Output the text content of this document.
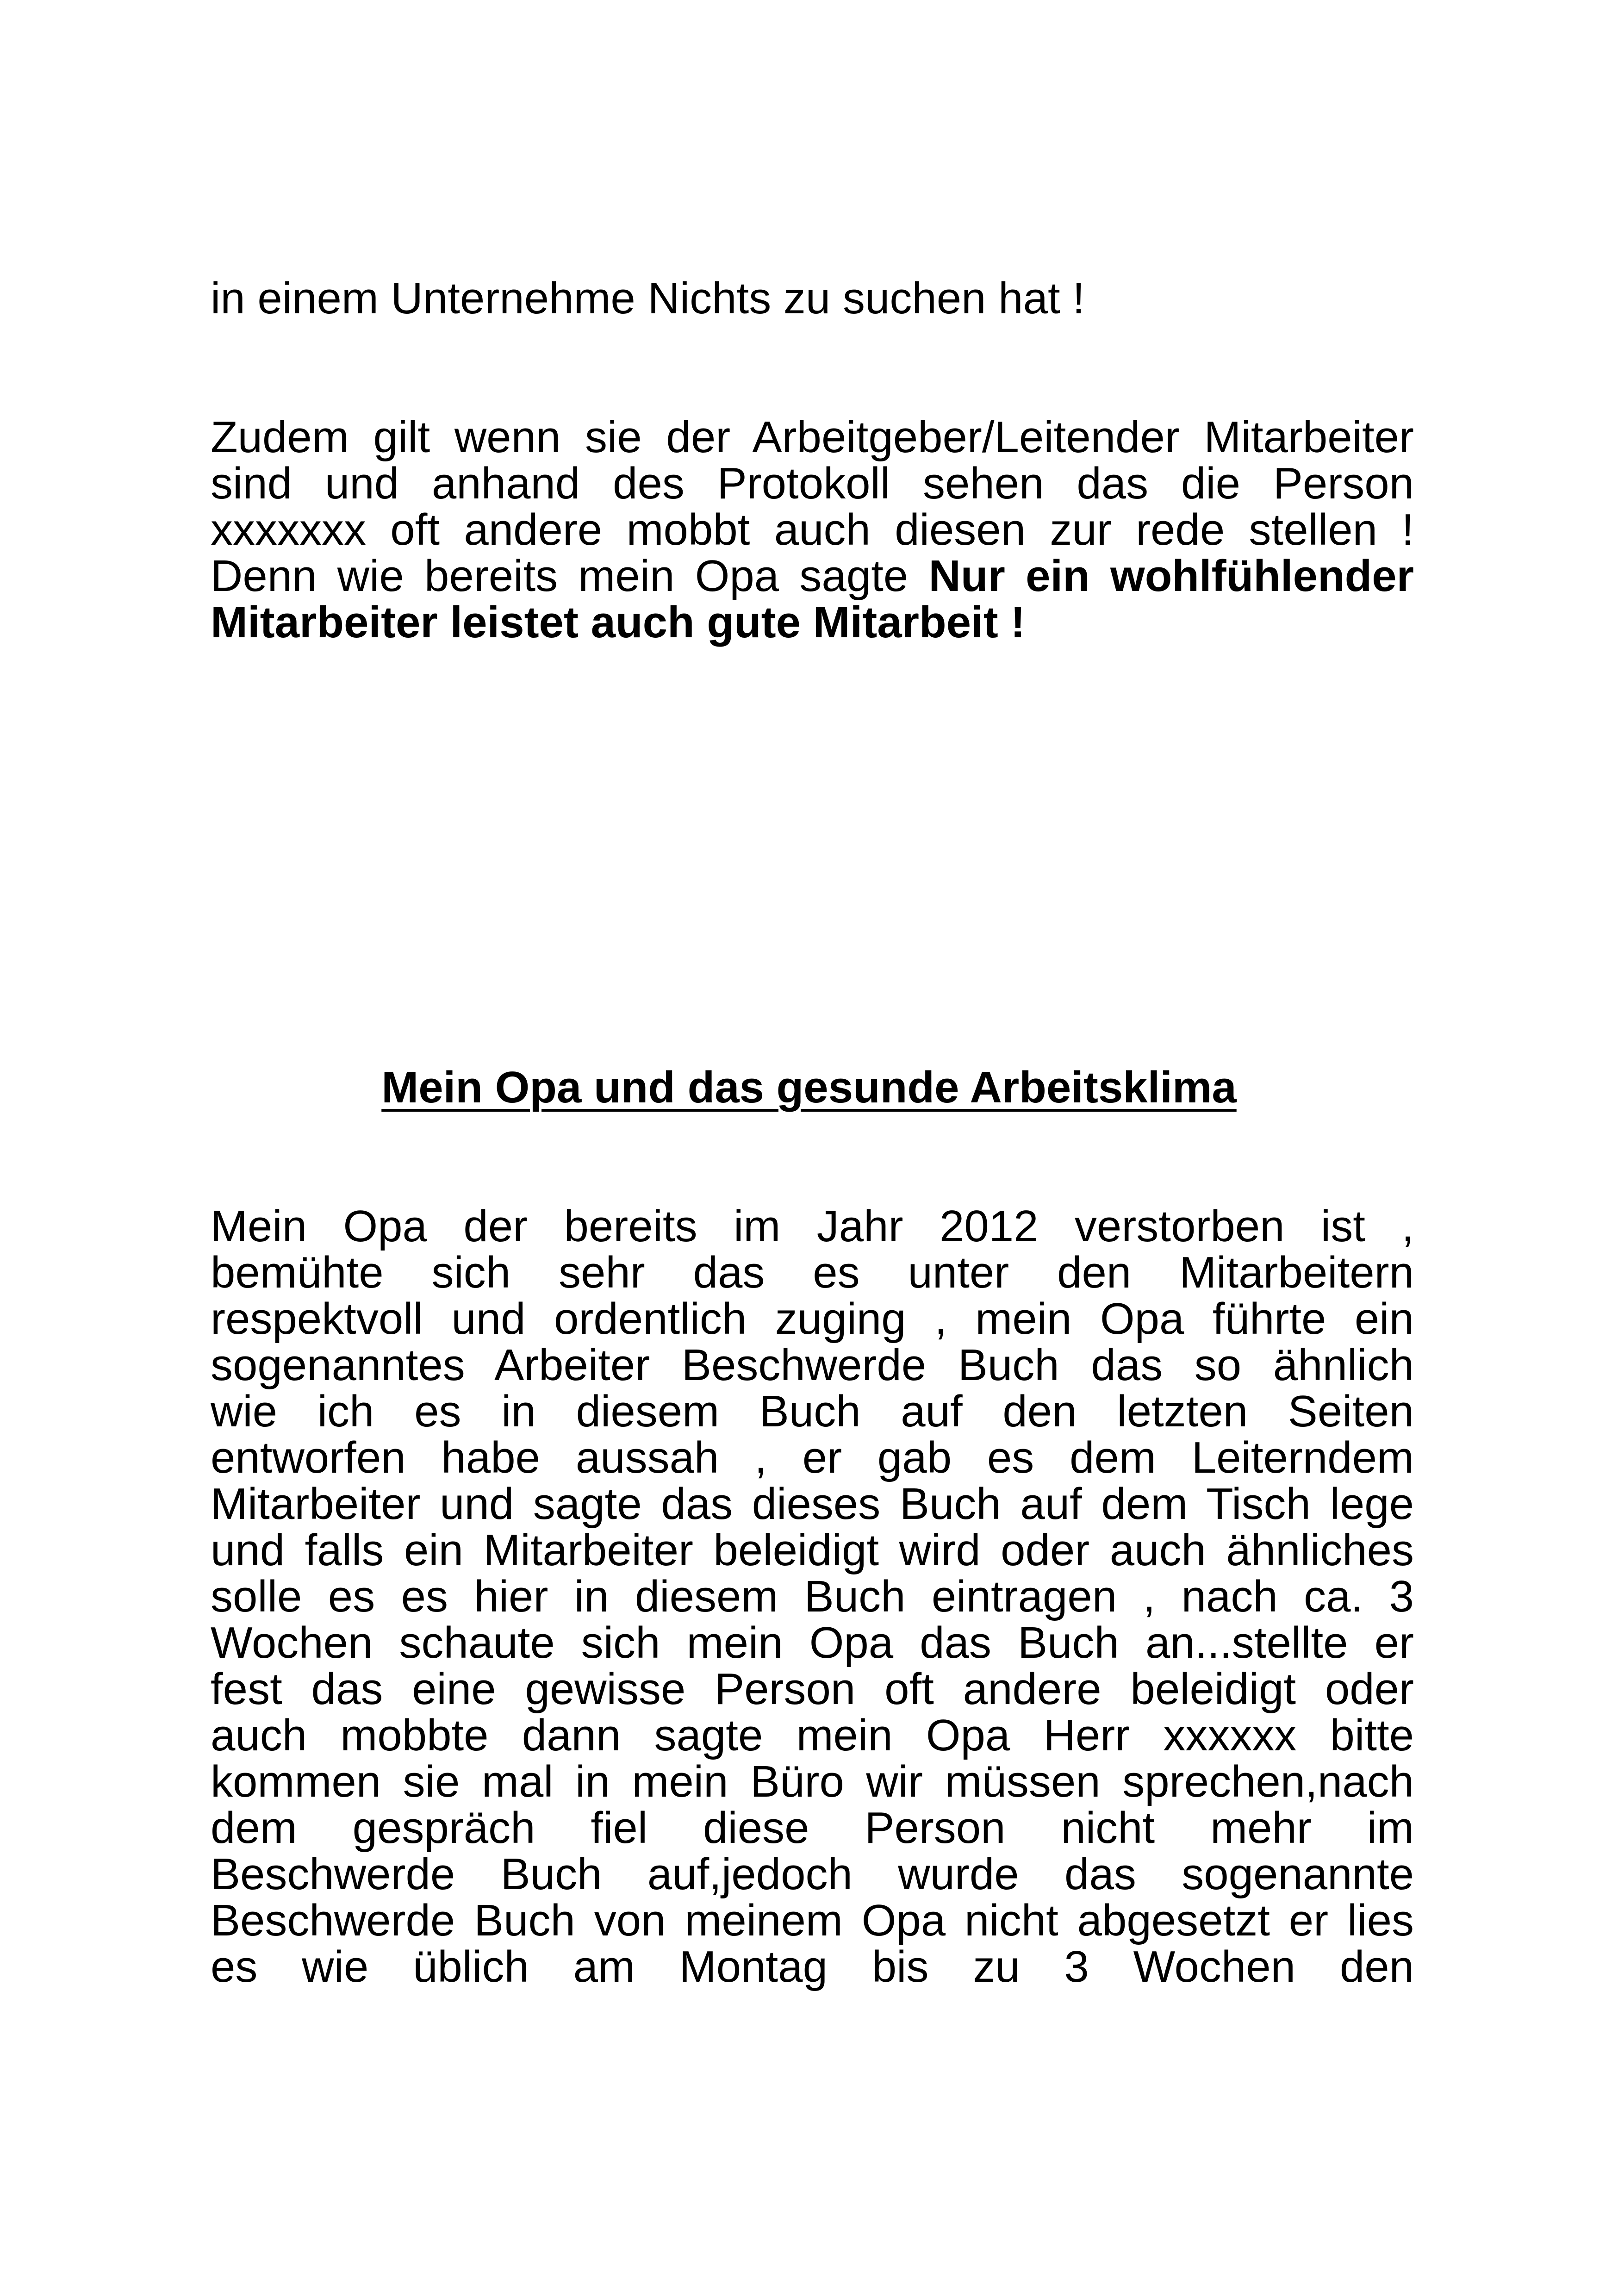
in einem Unternehme Nichts zu suchen hat !
Zudem gilt wenn sie der Arbeitgeber/Leitender Mitarbeiter
sind und anhand des Protokoll sehen das die Person
xxxxxxx oft andere mobbt auch diesen zur rede stellen !
Denn wie bereits mein Opa sagte Nur ein wohlfühlender
Mitarbeiter leistet auch gute Mitarbeit !
Mein Opa und das gesunde Arbeitsklima
Mein Opa der bereits im Jahr 2012 verstorben ist ,
bemühte sich sehr das es unter den Mitarbeitern
respektvoll und ordentlich zuging , mein Opa führte ein
sogenanntes Arbeiter Beschwerde Buch das so ähnlich
wie ich es in diesem Buch auf den letzten Seiten
entworfen habe aussah , er gab es dem Leiterndem
Mitarbeiter und sagte das dieses Buch auf dem Tisch lege
und falls ein Mitarbeiter beleidigt wird oder auch ähnliches
solle es es hier in diesem Buch eintragen , nach ca. 3
Wochen schaute sich mein Opa das Buch an...stellte er
fest das eine gewisse Person oft andere beleidigt oder
auch mobbte dann sagte mein Opa Herr xxxxxx bitte
kommen sie mal in mein Büro wir müssen sprechen,nach
dem gespräch fiel diese Person nicht mehr im
Beschwerde Buch auf,jedoch wurde das sogenannte
Beschwerde Buch von meinem Opa nicht abgesetzt er lies
es wie üblich am Montag bis zu 3 Wochen den
